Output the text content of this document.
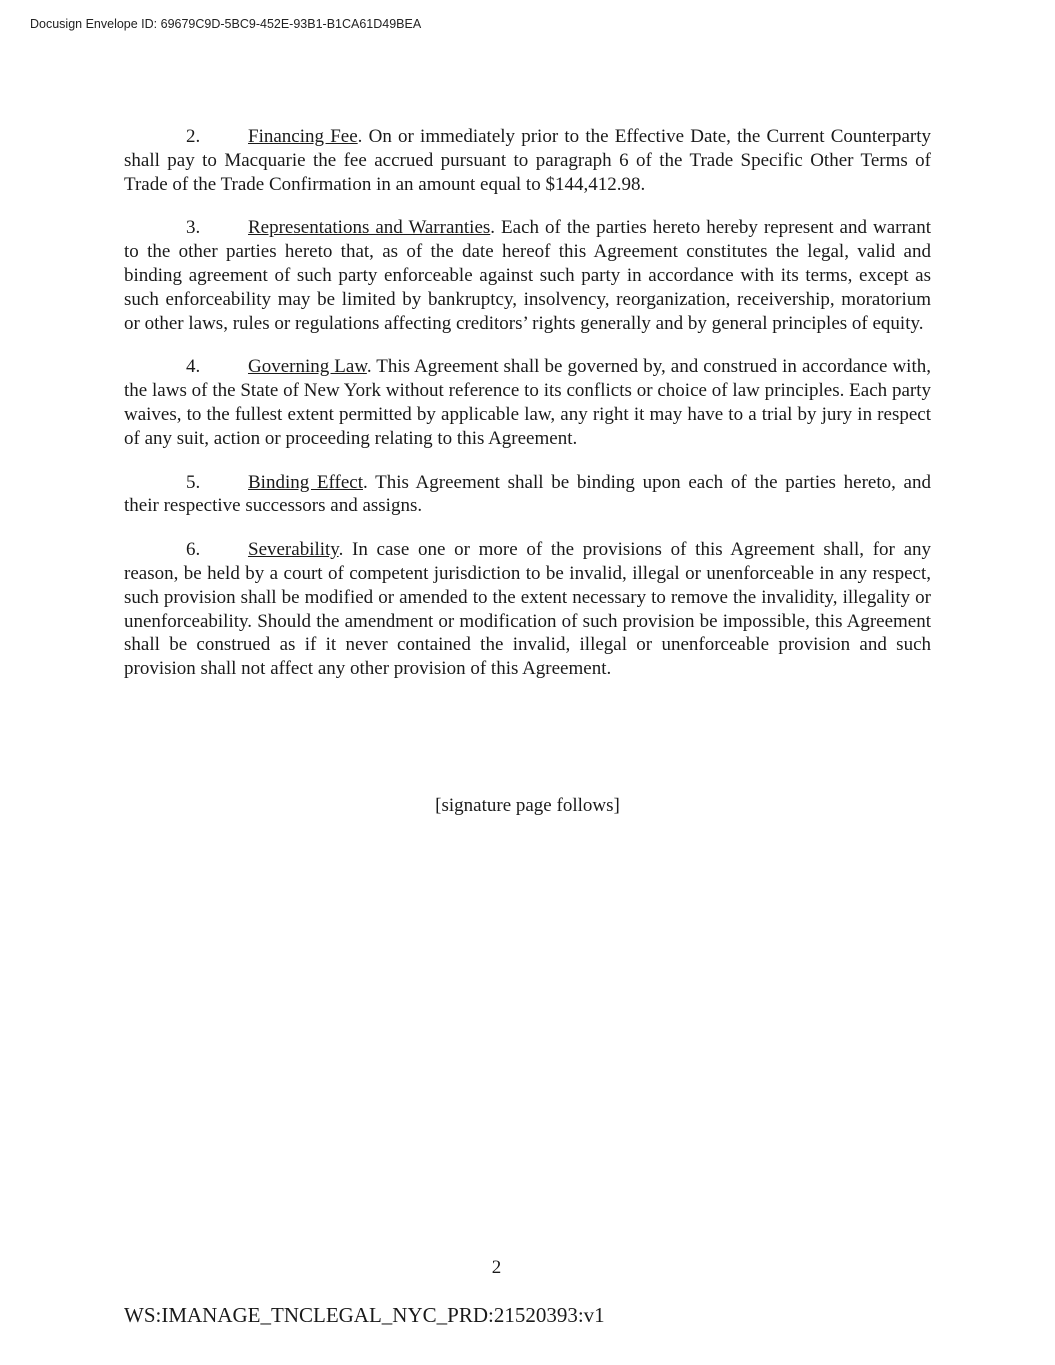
Docusign Envelope ID: 69679C9D-5BC9-452E-93B1-B1CA61D49BEA

2.	Financing Fee. On or immediately prior to the Effective Date, the Current Counterparty shall pay to Macquarie the fee accrued pursuant to paragraph 6 of the Trade Specific Other Terms of Trade of the Trade Confirmation in an amount equal to $144,412.98.

3.	Representations and Warranties. Each of the parties hereto hereby represent and warrant to the other parties hereto that, as of the date hereof this Agreement constitutes the legal, valid and binding agreement of such party enforceable against such party in accordance with its terms, except as such enforceability may be limited by bankruptcy, insolvency, reorganization, receivership, moratorium or other laws, rules or regulations affecting creditors’ rights generally and by general principles of equity.

4.	Governing Law. This Agreement shall be governed by, and construed in accordance with, the laws of the State of New York without reference to its conflicts or choice of law principles. Each party waives, to the fullest extent permitted by applicable law, any right it may have to a trial by jury in respect of any suit, action or proceeding relating to this Agreement.

5.	Binding Effect. This Agreement shall be binding upon each of the parties hereto, and their respective successors and assigns.

6.	Severability. In case one or more of the provisions of this Agreement shall, for any reason, be held by a court of competent jurisdiction to be invalid, illegal or unenforceable in any respect, such provision shall be modified or amended to the extent necessary to remove the invalidity, illegality or unenforceability. Should the amendment or modification of such provision be impossible, this Agreement shall be construed as if it never contained the invalid, illegal or unenforceable provision and such provision shall not affect any other provision of this Agreement.

[signature page follows]
2
WS:IMANAGE_TNCLEGAL_NYC_PRD:21520393:v1
